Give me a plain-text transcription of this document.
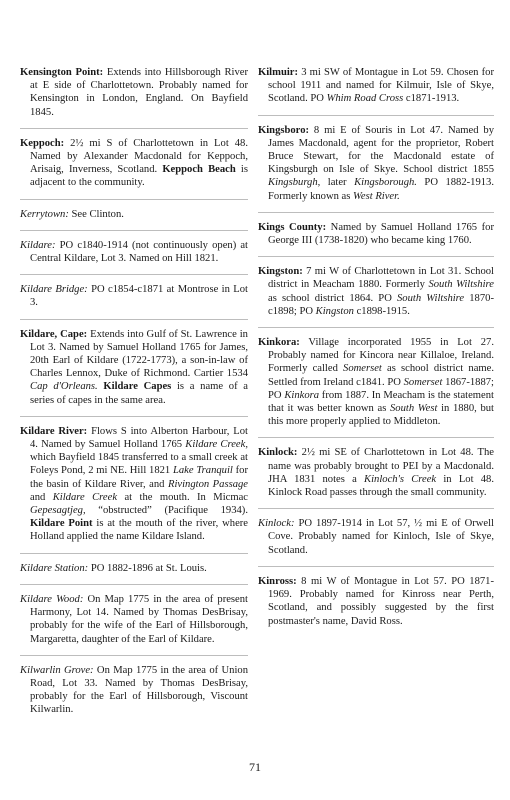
Kensington Point: Extends into Hillsborough River at E side of Charlottetown. Probably named for Kensington in London, England. On Bayfield 1845.

Keppoch: 2½ mi S of Charlottetown in Lot 48. Named by Alexander Macdonald for Keppoch, Arisaig, Inverness, Scotland. Keppoch Beach is adjacent to the community.

Kerrytown: See Clinton.

Kildare: PO c1840-1914 (not continuously open) at Central Kildare, Lot 3. Named on Hill 1821.

Kildare Bridge: PO c1854-c1871 at Montrose in Lot 3.

Kildare, Cape: Extends into Gulf of St. Lawrence in Lot 3. Named by Samuel Holland 1765 for James, 20th Earl of Kildare (1722-1773), a son-in-law of Charles Lennox, Duke of Richmond. Cartier 1534 Cap d'Orleans. Kildare Capes is a name of a series of capes in the same area.

Kildare River: Flows S into Alberton Harbour, Lot 4. Named by Samuel Holland 1765 Kildare Creek, which Bayfield 1845 transferred to a small creek at Foleys Pond, 2 mi NE. Hill 1821 Lake Tranquil for the basin of Kildare River, and Rivington Passage and Kildare Creek at the mouth. In Micmac Gepesagtjeg, “obstructed” (Pacifique 1934). Kildare Point is at the mouth of the river, where Holland applied the name Kildare Island.

Kildare Station: PO 1882-1896 at St. Louis.

Kildare Wood: On Map 1775 in the area of present Harmony, Lot 14. Named by Thomas DesBrisay, probably for the wife of the Earl of Hillsborough, Margaretta, daughter of the Earl of Kildare.

Kilwarlin Grove: On Map 1775 in the area of Union Road, Lot 33. Named by Thomas DesBrisay, probably for the Earl of Hillsborough, Viscount Kilwarlin.

Kilmuir: 3 mi SW of Montague in Lot 59. Chosen for school 1911 and named for Kilmuir, Isle of Skye, Scotland. PO Whim Road Cross c1871-1913.

Kingsboro: 8 mi E of Souris in Lot 47. Named by James Macdonald, agent for the proprietor, Robert Bruce Stewart, for the Macdonald estate of Kingsburgh on Isle of Skye. School district 1855 Kingsburgh, later Kingsborough. PO 1882-1913. Formerly known as West River.

Kings County: Named by Samuel Holland 1765 for George III (1738-1820) who became king 1760.

Kingston: 7 mi W of Charlottetown in Lot 31. School district in Meacham 1880. Formerly South Wiltshire as school district 1864. PO South Wiltshire 1870-c1898; PO Kingston c1898-1915.

Kinkora: Village incorporated 1955 in Lot 27. Probably named for Kincora near Killaloe, Ireland. Formerly called Somerset as school district name. Settled from Ireland c1841. PO Somerset 1867-1887; PO Kinkora from 1887. In Meacham is the statement that it was better known as South West in 1880, but this more properly applied to Middleton.

Kinlock: 2½ mi SE of Charlottetown in Lot 48. The name was probably brought to PEI by a Macdonald. JHA 1831 notes a Kinloch's Creek in Lot 48. Kinlock Road passes through the small community.

Kinlock: PO 1897-1914 in Lot 57, ½ mi E of Orwell Cove. Probably named for Kinloch, Isle of Skye, Scotland.

Kinross: 8 mi W of Montague in Lot 57. PO 1871-1969. Probably named for Kinross near Perth, Scotland, and possibly suggested by the first postmaster's name, David Ross.

71
